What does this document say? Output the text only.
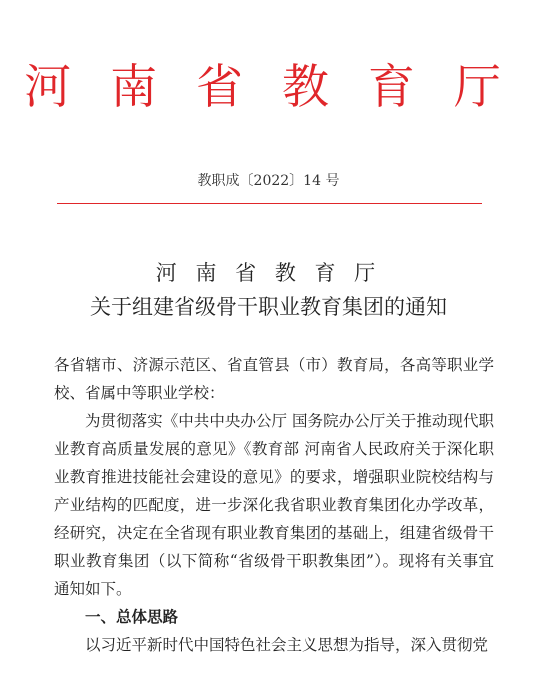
河 南 省 教 育 厅
教职成〔2022〕14 号
河 南 省 教 育 厅
关于组建省级骨干职业教育集团的通知

各省辖市、济源示范区、省直管县（市）教育局，各高等职业学校、省属中等职业学校：

为贯彻落实《中共中央办公厅 国务院办公厅关于推动现代职业教育高质量发展的意见》《教育部 河南省人民政府关于深化职业教育推进技能社会建设的意见》的要求，增强职业院校结构与产业结构的匹配度，进一步深化我省职业教育集团化办学改革，经研究，决定在全省现有职业教育集团的基础上，组建省级骨干职业教育集团（以下简称“省级骨干职教集团”）。现将有关事宜通知如下。

一、总体思路

以习近平新时代中国特色社会主义思想为指导，深入贯彻党
